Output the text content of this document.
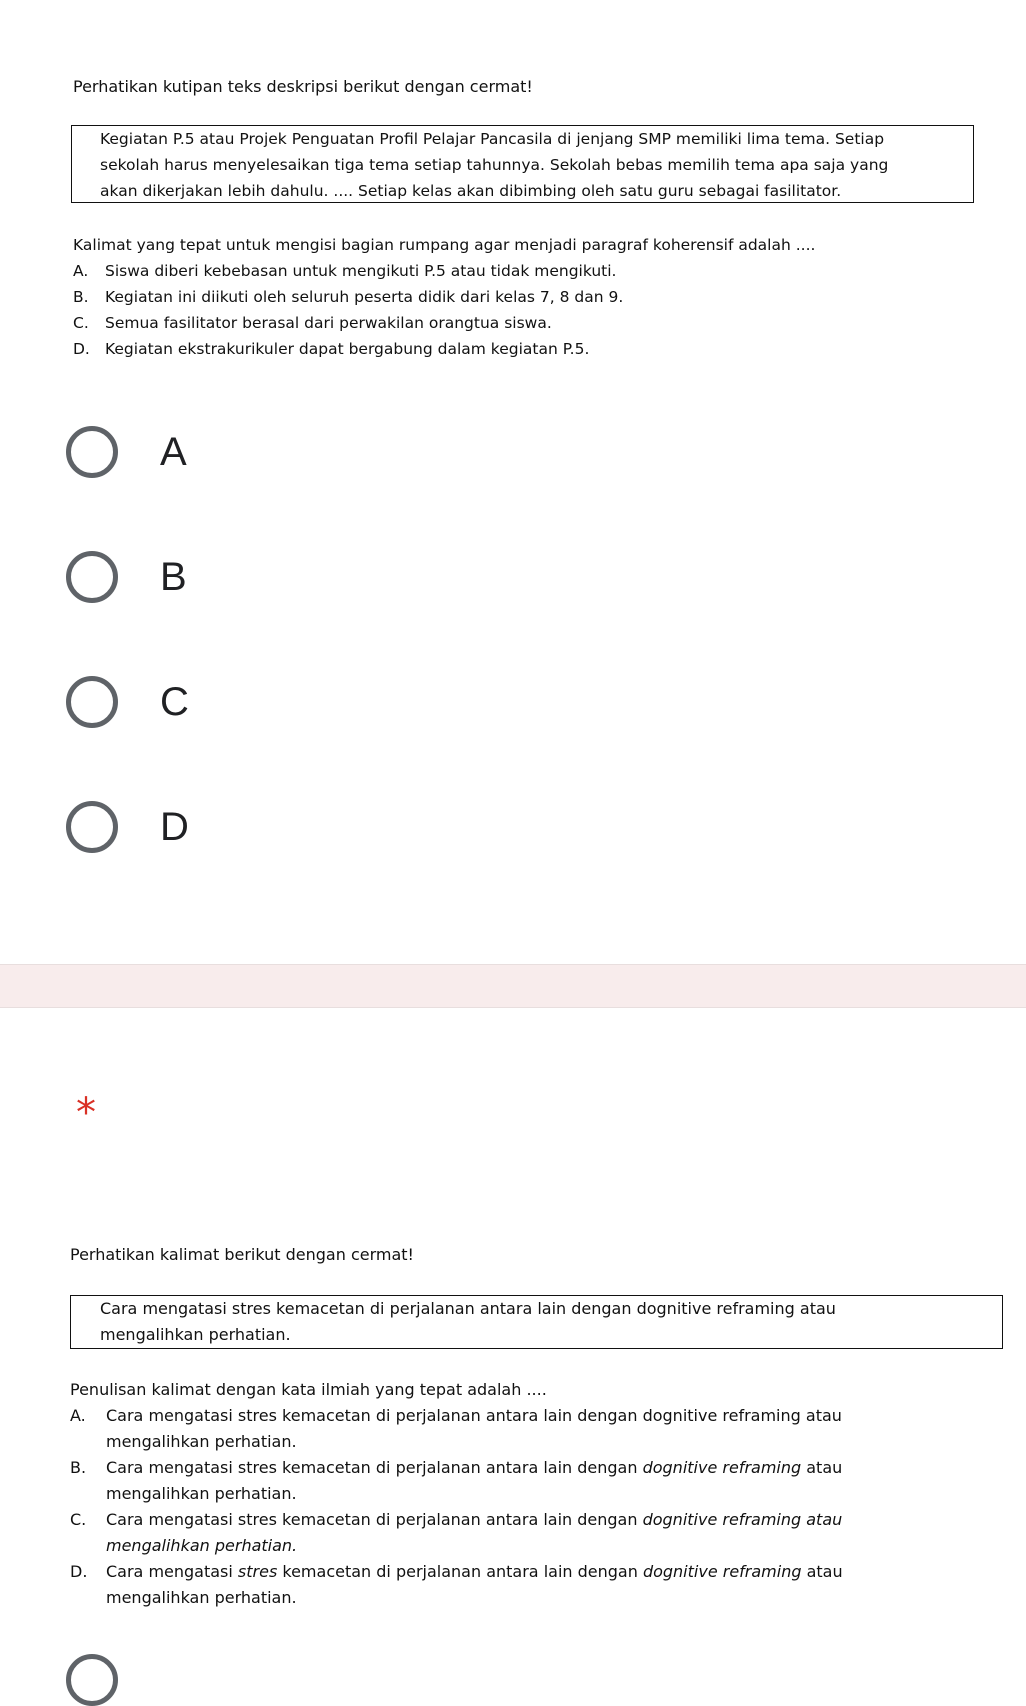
Perhatikan kutipan teks deskripsi berikut dengan cermat!

Kegiatan P.5 atau Projek Penguatan Profil Pelajar Pancasila di jenjang SMP memiliki lima tema. Setiap

sekolah harus menyelesaikan tiga tema setiap tahunnya. Sekolah bebas memilih tema apa saja yang

akan dikerjakan lebih dahulu. .... Setiap kelas akan dibimbing oleh satu guru sebagai fasilitator.

Kalimat yang tepat untuk mengisi bagian rumpang agar menjadi paragraf koherensif adalah ....
A. Siswa diberi kebebasan untuk mengikuti P.5 atau tidak mengikuti.
B. Kegiatan ini diikuti oleh seluruh peserta didik dari kelas 7, 8 dan 9.
C. Semua fasilitator berasal dari perwakilan orangtua siswa.
D. Kegiatan ekstrakurikuler dapat bergabung dalam kegiatan P.5.
A
B
C
D
*
Perhatikan kalimat berikut dengan cermat!

Cara mengatasi stres kemacetan di perjalanan antara lain dengan dognitive reframing atau

mengalihkan perhatian.

Penulisan kalimat dengan kata ilmiah yang tepat adalah ....
A. Cara mengatasi stres kemacetan di perjalanan antara lain dengan dognitive reframing atau
mengalihkan perhatian.
B. Cara mengatasi stres kemacetan di perjalanan antara lain dengan dognitive reframing atau
mengalihkan perhatian.
C. Cara mengatasi stres kemacetan di perjalanan antara lain dengan dognitive reframing atau
mengalihkan perhatian.
D. Cara mengatasi stres kemacetan di perjalanan antara lain dengan dognitive reframing atau
mengalihkan perhatian.
